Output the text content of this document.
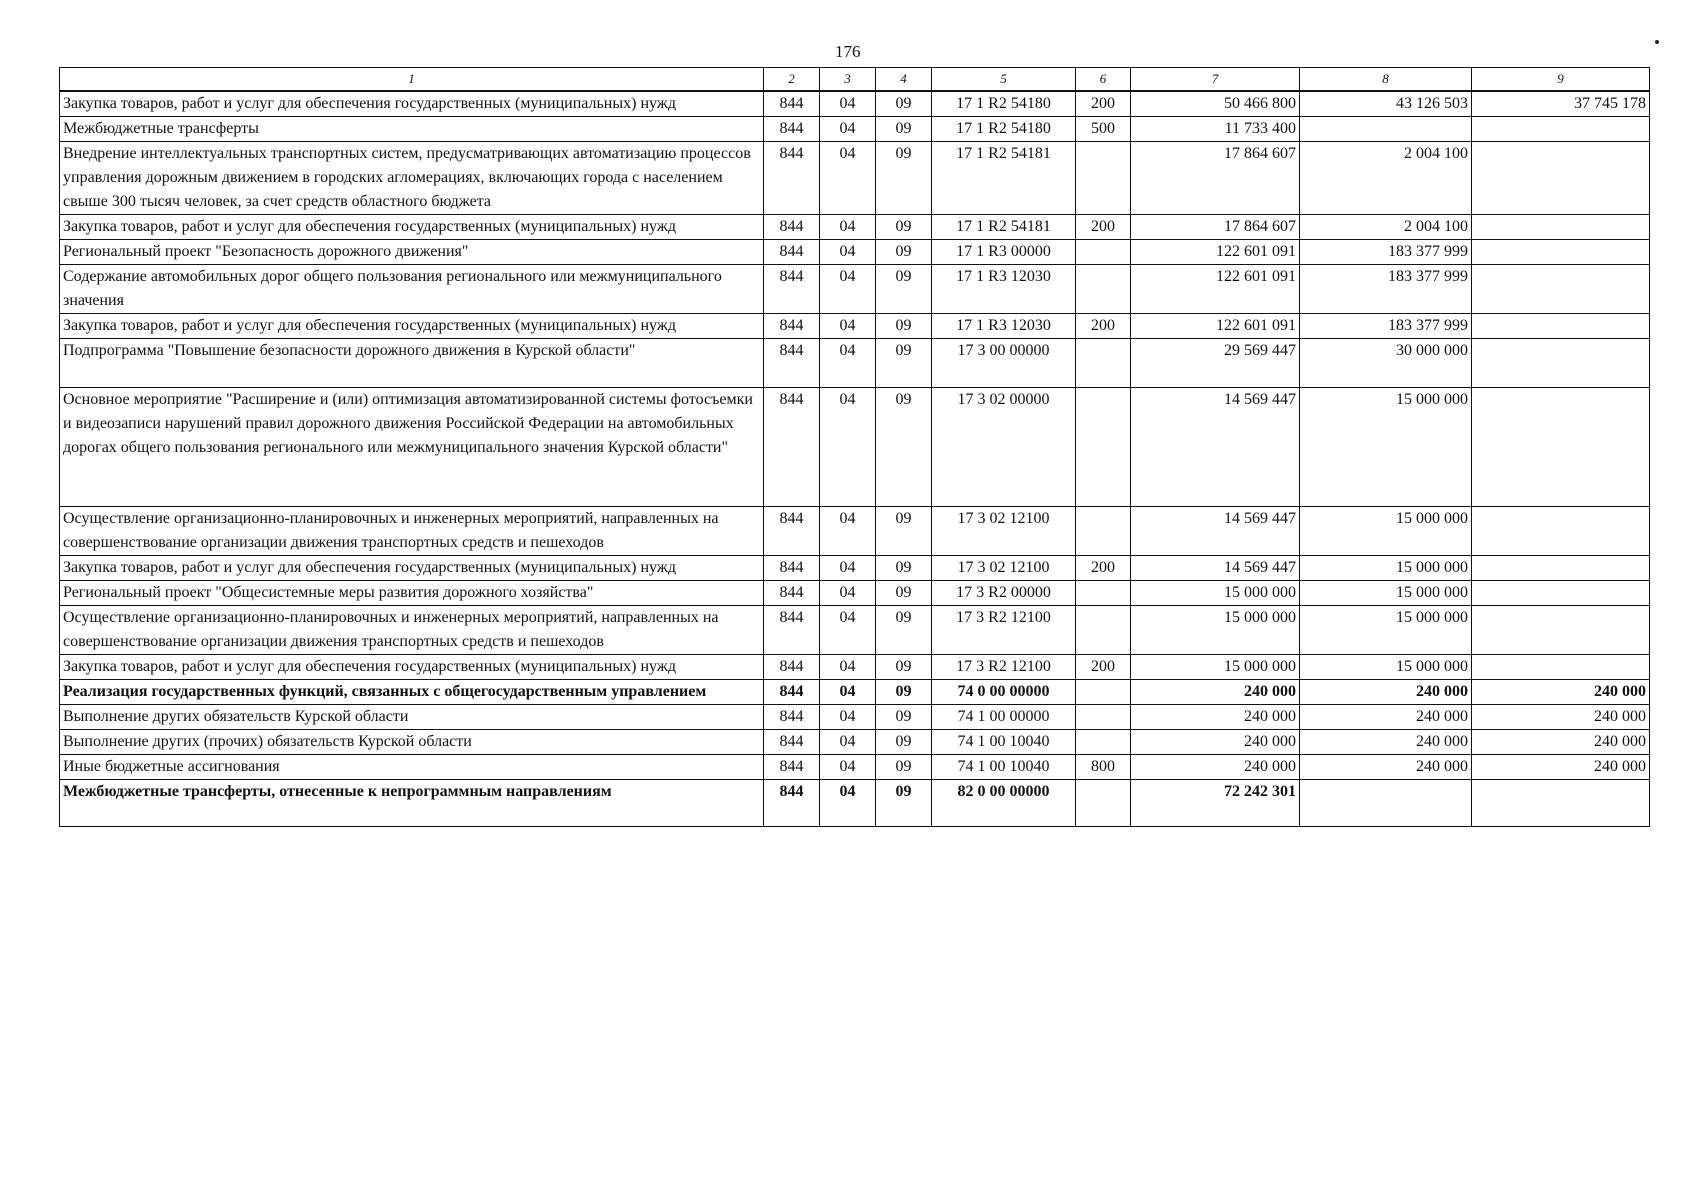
176
1	2	3	4	5	6	7	8	9
Закупка товаров, работ и услуг для обеспечения государственных (муниципальных) нужд	844	04	09	17 1 R2 54180	200	50 466 800	43 126 503	37 745 178
Межбюджетные трансферты	844	04	09	17 1 R2 54180	500	11 733 400		
Внедрение интеллектуальных транспортных систем, предусматривающих автоматизацию процессов управления дорожным движением в городских агломерациях, включающих города с населением свыше 300 тысяч человек, за счет средств областного бюджета	844	04	09	17 1 R2 54181		17 864 607	2 004 100	
Закупка товаров, работ и услуг для обеспечения государственных (муниципальных) нужд	844	04	09	17 1 R2 54181	200	17 864 607	2 004 100	
Региональный проект "Безопасность дорожного движения"	844	04	09	17 1 R3 00000		122 601 091	183 377 999	
Содержание автомобильных дорог общего пользования регионального или межмуниципального значения	844	04	09	17 1 R3 12030		122 601 091	183 377 999	
Закупка товаров, работ и услуг для обеспечения государственных (муниципальных) нужд	844	04	09	17 1 R3 12030	200	122 601 091	183 377 999	
Подпрограмма "Повышение безопасности дорожного движения в Курской области"	844	04	09	17 3 00 00000		29 569 447	30 000 000	
Основное мероприятие "Расширение и (или) оптимизация автоматизированной системы фотосъемки и видеозаписи нарушений правил дорожного движения Российской Федерации на автомобильных дорогах общего пользования регионального или межмуниципального значения Курской области"	844	04	09	17 3 02 00000		14 569 447	15 000 000	
Осуществление организационно-планировочных и инженерных мероприятий, направленных на совершенствование организации движения транспортных средств и пешеходов	844	04	09	17 3 02 12100		14 569 447	15 000 000	
Закупка товаров, работ и услуг для обеспечения государственных (муниципальных) нужд	844	04	09	17 3 02 12100	200	14 569 447	15 000 000	
Региональный проект "Общесистемные меры развития дорожного хозяйства"	844	04	09	17 3 R2 00000		15 000 000	15 000 000	
Осуществление организационно-планировочных и инженерных мероприятий, направленных на совершенствование организации движения транспортных средств и пешеходов	844	04	09	17 3 R2 12100		15 000 000	15 000 000	
Закупка товаров, работ и услуг для обеспечения государственных (муниципальных) нужд	844	04	09	17 3 R2 12100	200	15 000 000	15 000 000	
Реализация государственных функций, связанных с общегосударственным управлением	844	04	09	74 0 00 00000		240 000	240 000	240 000
Выполнение других обязательств Курской области	844	04	09	74 1 00 00000		240 000	240 000	240 000
Выполнение других (прочих) обязательств Курской области	844	04	09	74 1 00 10040		240 000	240 000	240 000
Иные бюджетные ассигнования	844	04	09	74 1 00 10040	800	240 000	240 000	240 000
Межбюджетные трансферты, отнесенные к непрограммным направлениям	844	04	09	82 0 00 00000		72 242 301		
